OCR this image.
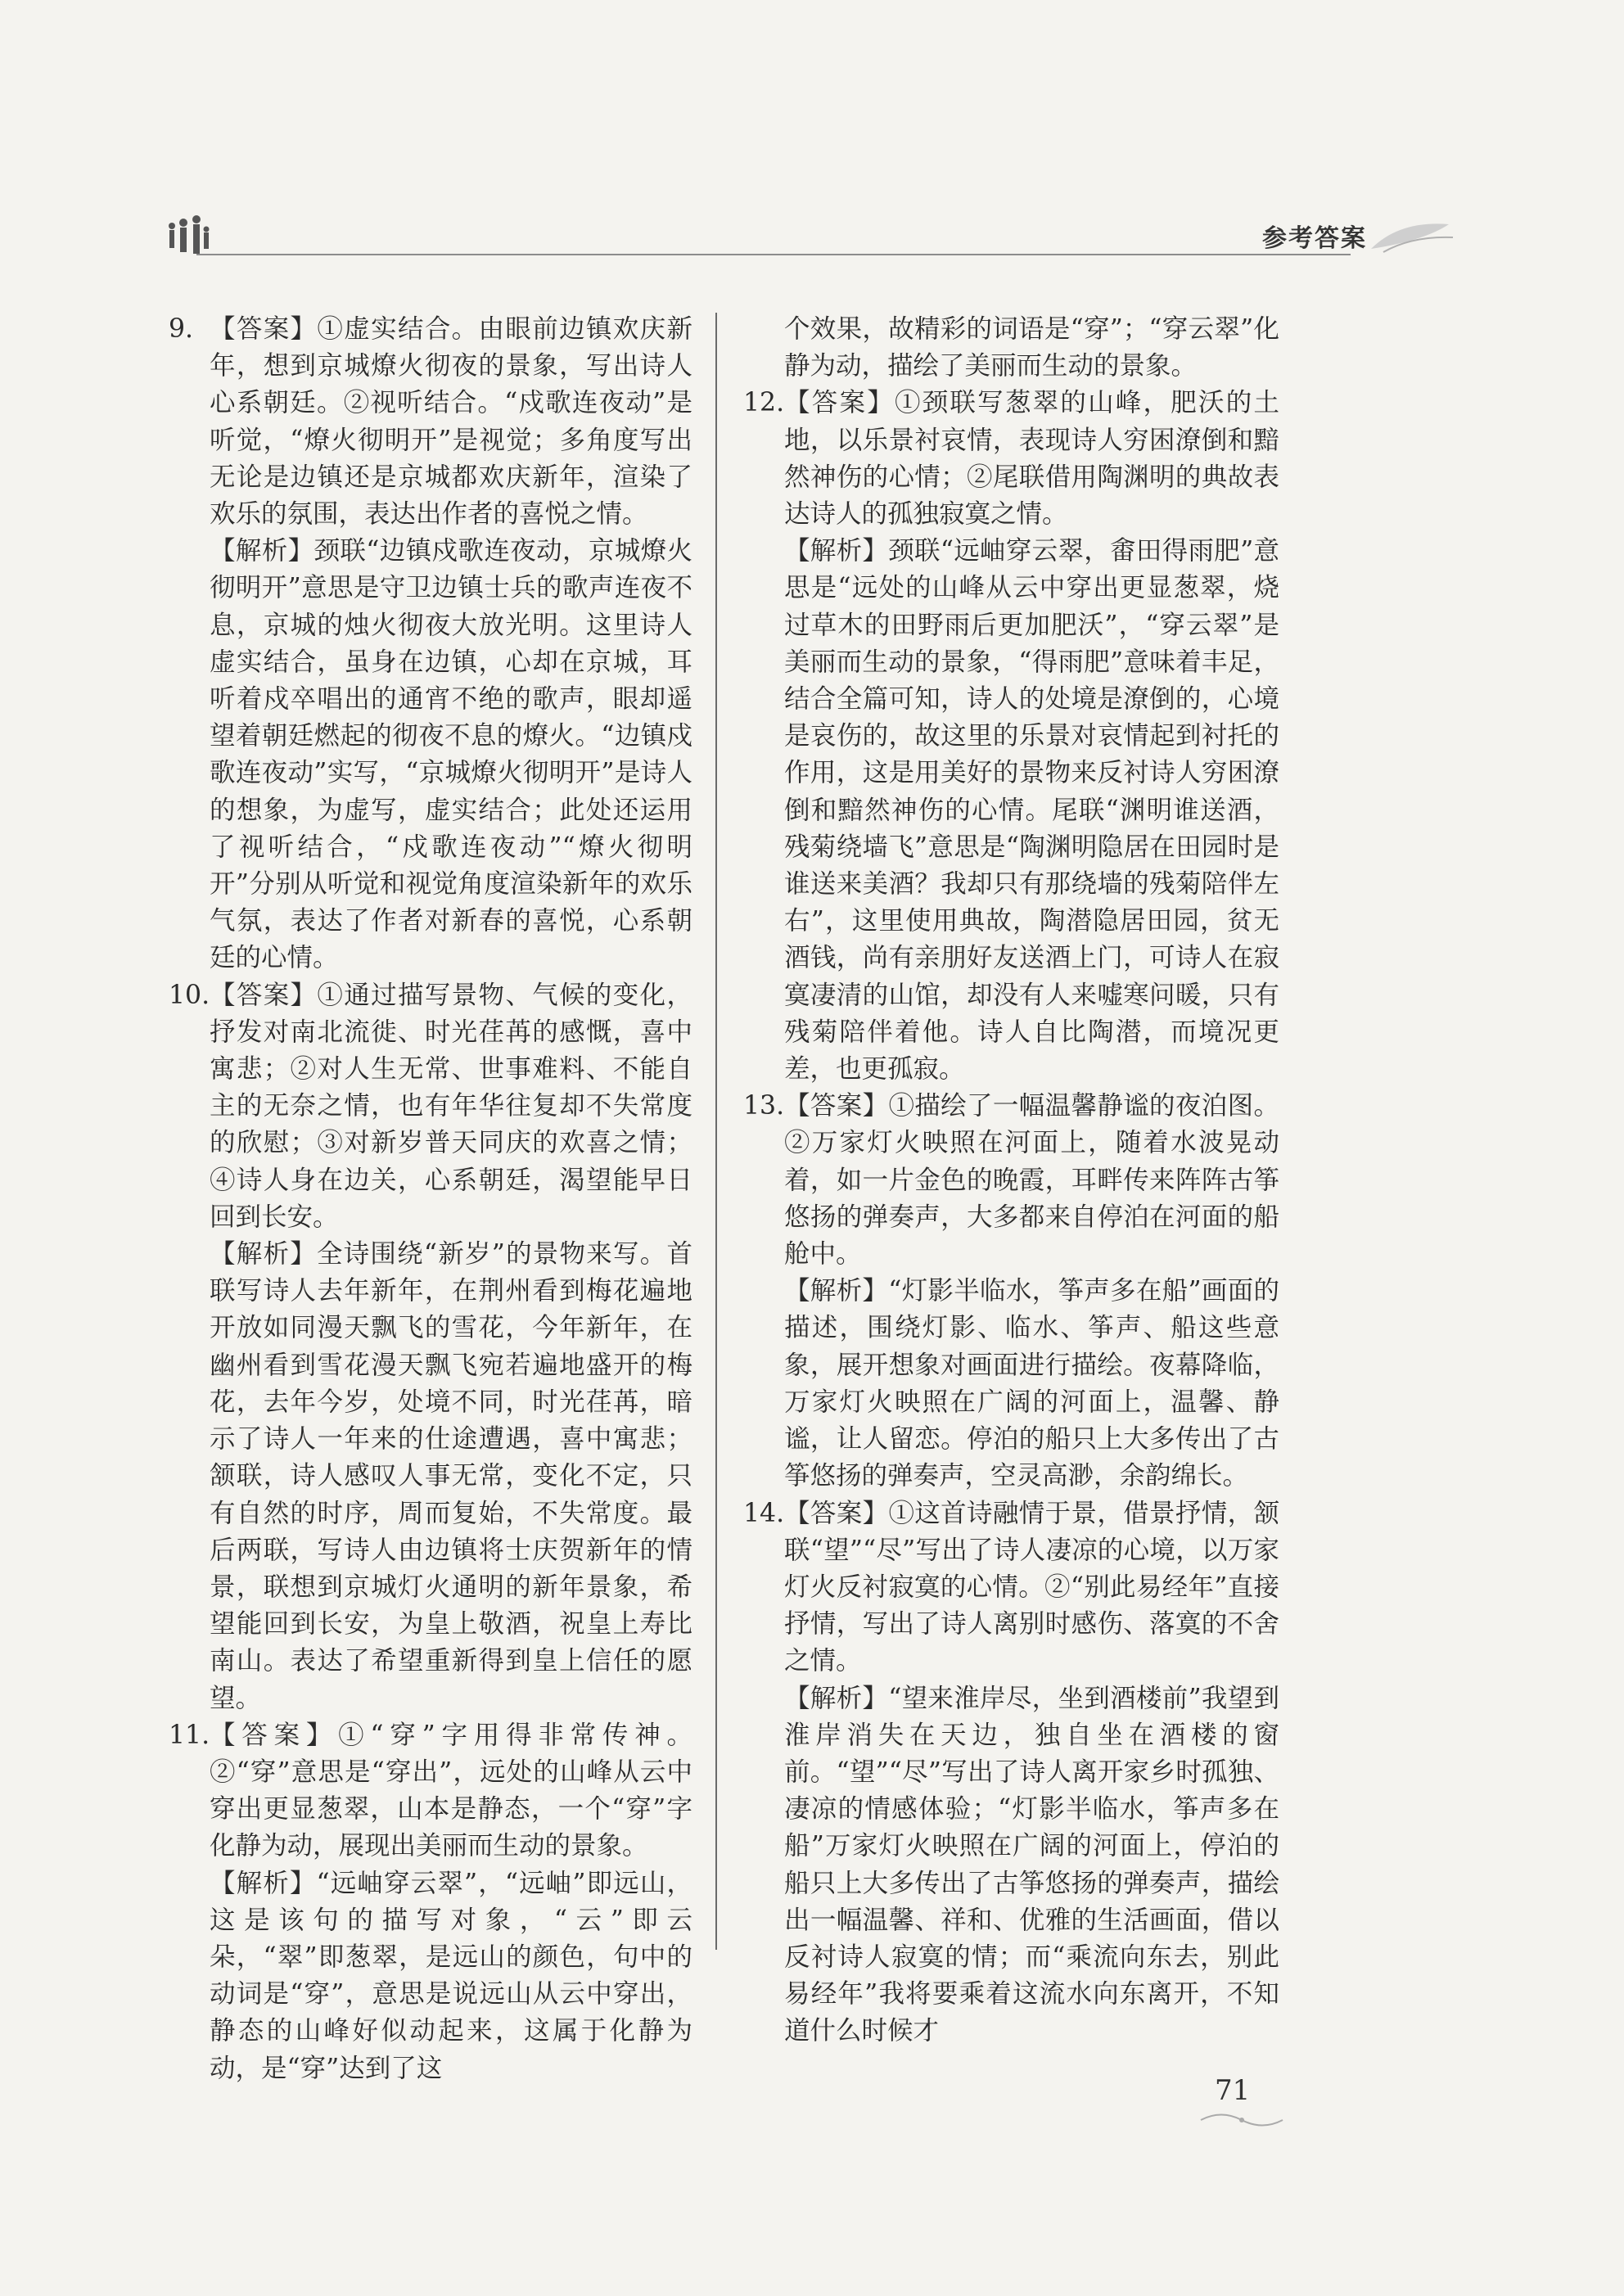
参考答案
9. 【答案】①虚实结合。由眼前边镇欢庆新年，想到京城燎火彻夜的景象，写出诗人心系朝廷。②视听结合。“戍歌连夜动”是听觉，“燎火彻明开”是视觉；多角度写出无论是边镇还是京城都欢庆新年，渲染了欢乐的氛围，表达出作者的喜悦之情。
【解析】颈联“边镇戍歌连夜动，京城燎火彻明开”意思是守卫边镇士兵的歌声连夜不息，京城的烛火彻夜大放光明。这里诗人虚实结合，虽身在边镇，心却在京城，耳听着戍卒唱出的通宵不绝的歌声，眼却遥望着朝廷燃起的彻夜不息的燎火。“边镇戍歌连夜动”实写，“京城燎火彻明开”是诗人的想象，为虚写，虚实结合；此处还运用了视听结合，“戍歌连夜动”“燎火彻明开”分别从听觉和视觉角度渲染新年的欢乐气氛，表达了作者对新春的喜悦，心系朝廷的心情。
10. 【答案】①通过描写景物、气候的变化，抒发对南北流徙、时光荏苒的感慨，喜中寓悲；②对人生无常、世事难料、不能自主的无奈之情，也有年华往复却不失常度的欣慰；③对新岁普天同庆的欢喜之情；④诗人身在边关，心系朝廷，渴望能早日回到长安。
【解析】全诗围绕“新岁”的景物来写。首联写诗人去年新年，在荆州看到梅花遍地开放如同漫天飘飞的雪花，今年新年，在幽州看到雪花漫天飘飞宛若遍地盛开的梅花，去年今岁，处境不同，时光荏苒，暗示了诗人一年来的仕途遭遇，喜中寓悲；颔联，诗人感叹人事无常，变化不定，只有自然的时序，周而复始，不失常度。最后两联，写诗人由边镇将士庆贺新年的情景，联想到京城灯火通明的新年景象，希望能回到长安，为皇上敬酒，祝皇上寿比南山。表达了希望重新得到皇上信任的愿望。
11. 【答案】①“穿”字用得非常传神。②“穿”意思是“穿出”，远处的山峰从云中穿出更显葱翠，山本是静态，一个“穿”字化静为动，展现出美丽而生动的景象。
【解析】“远岫穿云翠”，“远岫”即远山，这是该句的描写对象，“云”即云朵，“翠”即葱翠，是远山的颜色，句中的动词是“穿”，意思是说远山从云中穿出，静态的山峰好似动起来，这属于化静为动，是“穿”达到了这
个效果，故精彩的词语是“穿”；“穿云翠”化静为动，描绘了美丽而生动的景象。
12. 【答案】①颈联写葱翠的山峰，肥沃的土地，以乐景衬哀情，表现诗人穷困潦倒和黯然神伤的心情；②尾联借用陶渊明的典故表达诗人的孤独寂寞之情。
【解析】颈联“远岫穿云翠，畬田得雨肥”意思是“远处的山峰从云中穿出更显葱翠，烧过草木的田野雨后更加肥沃”，“穿云翠”是美丽而生动的景象，“得雨肥”意味着丰足，结合全篇可知，诗人的处境是潦倒的，心境是哀伤的，故这里的乐景对哀情起到衬托的作用，这是用美好的景物来反衬诗人穷困潦倒和黯然神伤的心情。尾联“渊明谁送酒，残菊绕墙飞”意思是“陶渊明隐居在田园时是谁送来美酒？我却只有那绕墙的残菊陪伴左右”，这里使用典故，陶潜隐居田园，贫无酒钱，尚有亲朋好友送酒上门，可诗人在寂寞凄清的山馆，却没有人来嘘寒问暖，只有残菊陪伴着他。诗人自比陶潜，而境况更差，也更孤寂。
13. 【答案】①描绘了一幅温馨静谧的夜泊图。②万家灯火映照在河面上，随着水波晃动着，如一片金色的晚霞，耳畔传来阵阵古筝悠扬的弹奏声，大多都来自停泊在河面的船舱中。
【解析】“灯影半临水，筝声多在船”画面的描述，围绕灯影、临水、筝声、船这些意象，展开想象对画面进行描绘。夜幕降临，万家灯火映照在广阔的河面上，温馨、静谧，让人留恋。停泊的船只上大多传出了古筝悠扬的弹奏声，空灵高渺，余韵绵长。
14. 【答案】①这首诗融情于景，借景抒情，颔联“望”“尽”写出了诗人凄凉的心境，以万家灯火反衬寂寞的心情。②“别此易经年”直接抒情，写出了诗人离别时感伤、落寞的不舍之情。
【解析】“望来淮岸尽，坐到酒楼前”我望到淮岸消失在天边，独自坐在酒楼的窗前。“望”“尽”写出了诗人离开家乡时孤独、凄凉的情感体验；“灯影半临水，筝声多在船”万家灯火映照在广阔的河面上，停泊的船只上大多传出了古筝悠扬的弹奏声，描绘出一幅温馨、祥和、优雅的生活画面，借以反衬诗人寂寞的情；而“乘流向东去，别此易经年”我将要乘着这流水向东离开，不知道什么时候才
71
